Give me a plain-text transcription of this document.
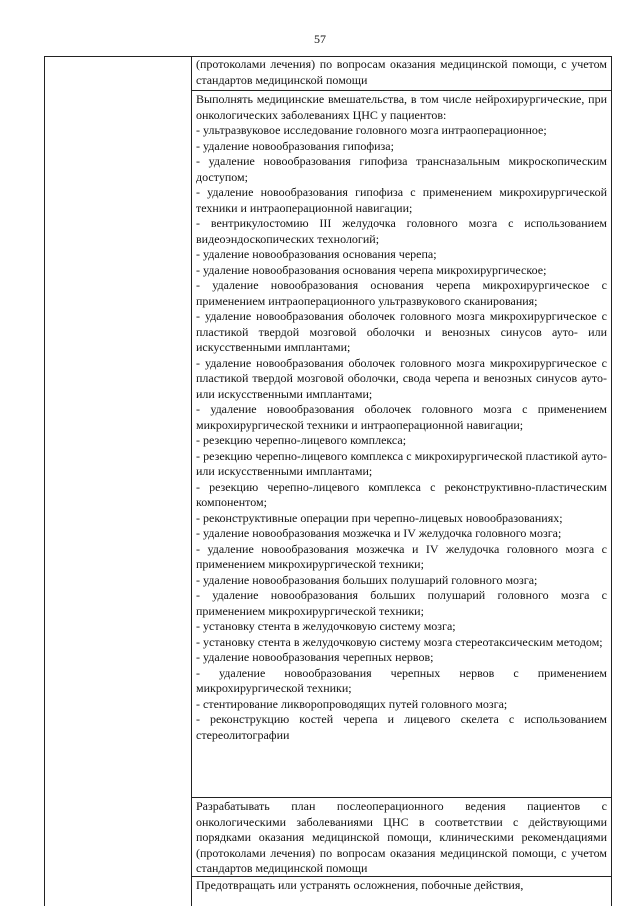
57

(протоколами лечения) по вопросам оказания медицинской помощи, с учетом стандартов медицинской помощи

Выполнять медицинские вмешательства, в том числе нейрохирургические, при онкологических заболеваниях ЦНС у пациентов:

- ультразвуковое исследование головного мозга интраоперационное;

- удаление новообразования гипофиза;

- удаление новообразования гипофиза трансназальным микроскопическим доступом;

- удаление новообразования гипофиза с применением микрохирургической техники и интраоперационной навигации;

- вентрикулостомию III желудочка головного мозга с использованием видеоэндоскопических технологий;

- удаление новообразования основания черепа;

- удаление новообразования основания черепа микрохирургическое;

- удаление новообразования основания черепа микрохирургическое с применением интраоперационного ультразвукового сканирования;

- удаление новообразования оболочек головного мозга микрохирургическое с пластикой твердой мозговой оболочки и венозных синусов ауто- или искусственными имплантами;

- удаление новообразования оболочек головного мозга микрохирургическое с пластикой твердой мозговой оболочки, свода черепа и венозных синусов ауто- или искусственными имплантами;

- удаление новообразования оболочек головного мозга с применением микрохирургической техники и интраоперационной навигации;

- резекцию черепно-лицевого комплекса;

- резекцию черепно-лицевого комплекса с микрохирургической пластикой ауто- или искусственными имплантами;

- резекцию черепно-лицевого комплекса с реконструктивно-пластическим компонентом;

- реконструктивные операции при черепно-лицевых новообразованиях;

- удаление новообразования мозжечка и IV желудочка головного мозга;

- удаление новообразования мозжечка и IV желудочка головного мозга с применением микрохирургической техники;

- удаление новообразования больших полушарий головного мозга;

- удаление новообразования больших полушарий головного мозга с применением микрохирургической техники;

- установку стента в желудочковую систему мозга;

- установку стента в желудочковую систему мозга стереотаксическим методом;

- удаление новообразования черепных нервов;

- удаление новообразования черепных нервов с применением микрохирургической техники;

- стентирование ликворопроводящих путей головного мозга;

- реконструкцию костей черепа и лицевого скелета с использованием стереолитографии

Разрабатывать план послеоперационного ведения пациентов с онкологическими заболеваниями ЦНС в соответствии с действующими порядками оказания медицинской помощи, клиническими рекомендациями (протоколами лечения) по вопросам оказания медицинской помощи, с учетом стандартов медицинской помощи

Предотвращать или устранять осложнения, побочные действия,
